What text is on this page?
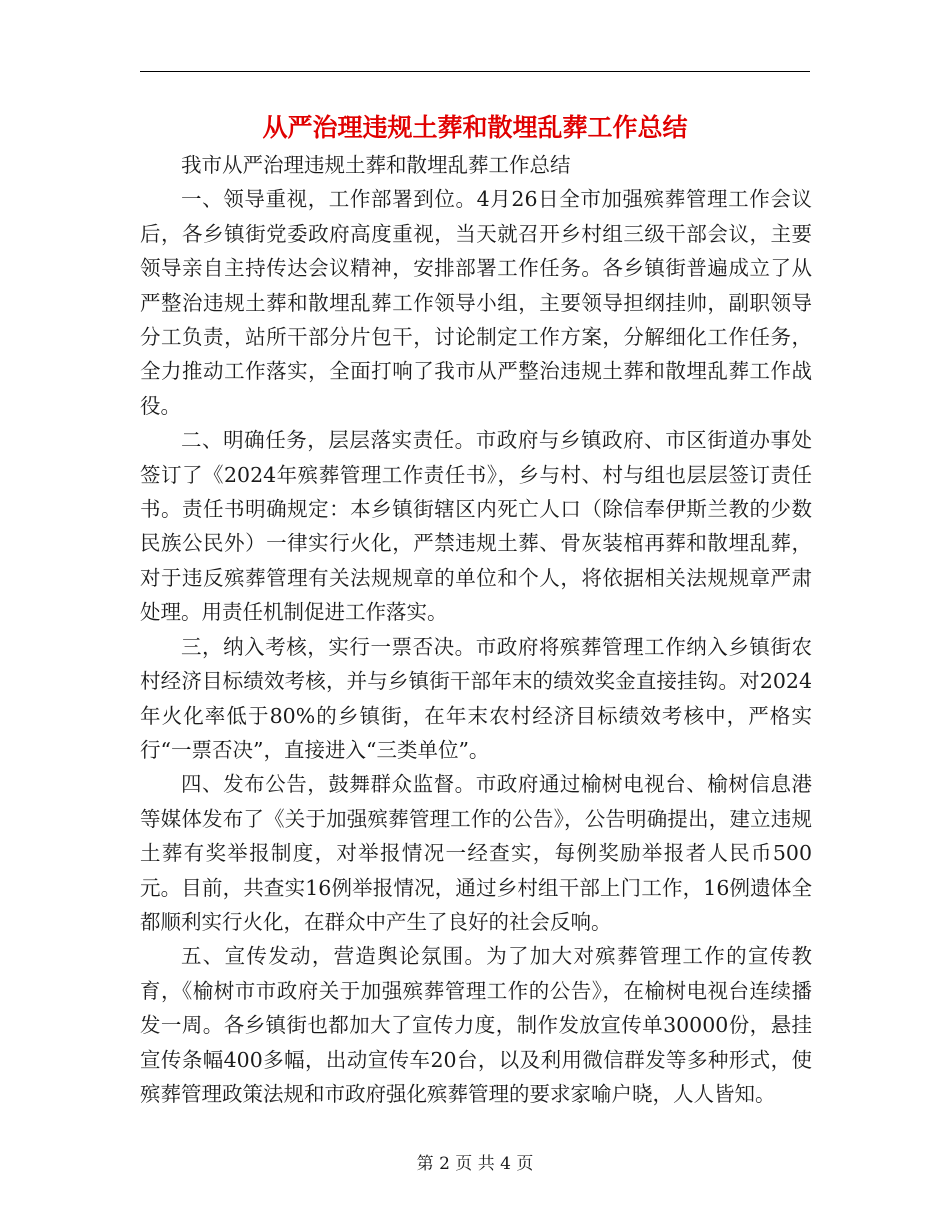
从严治理违规土葬和散埋乱葬工作总结

我市从严治理违规土葬和散埋乱葬工作总结

一、领导重视，工作部署到位。4月26日全市加强殡葬管理工作会议后，各乡镇街党委政府高度重视，当天就召开乡村组三级干部会议，主要领导亲自主持传达会议精神，安排部署工作任务。各乡镇街普遍成立了从严整治违规土葬和散埋乱葬工作领导小组，主要领导担纲挂帅，副职领导分工负责，站所干部分片包干，讨论制定工作方案，分解细化工作任务，全力推动工作落实，全面打响了我市从严整治违规土葬和散埋乱葬工作战役。

二、明确任务，层层落实责任。市政府与乡镇政府、市区街道办事处签订了《2024年殡葬管理工作责任书》，乡与村、村与组也层层签订责任书。责任书明确规定：本乡镇街辖区内死亡人口（除信奉伊斯兰教的少数民族公民外）一律实行火化，严禁违规土葬、骨灰装棺再葬和散埋乱葬，对于违反殡葬管理有关法规规章的单位和个人，将依据相关法规规章严肃处理。用责任机制促进工作落实。

三，纳入考核，实行一票否决。市政府将殡葬管理工作纳入乡镇街农村经济目标绩效考核，并与乡镇街干部年末的绩效奖金直接挂钩。对2024年火化率低于80%的乡镇街，在年末农村经济目标绩效考核中，严格实行“一票否决”，直接进入“三类单位”。

四、发布公告，鼓舞群众监督。市政府通过榆树电视台、榆树信息港等媒体发布了《关于加强殡葬管理工作的公告》，公告明确提出，建立违规土葬有奖举报制度，对举报情况一经查实，每例奖励举报者人民币500元。目前，共查实16例举报情况，通过乡村组干部上门工作，16例遗体全都顺利实行火化，在群众中产生了良好的社会反响。

五、宣传发动，营造舆论氛围。为了加大对殡葬管理工作的宣传教育，《榆树市市政府关于加强殡葬管理工作的公告》，在榆树电视台连续播发一周。各乡镇街也都加大了宣传力度，制作发放宣传单30000份，悬挂宣传条幅400多幅，出动宣传车20台，以及利用微信群发等多种形式，使殡葬管理政策法规和市政府强化殡葬管理的要求家喻户晓，人人皆知。

第 2 页 共 4 页
